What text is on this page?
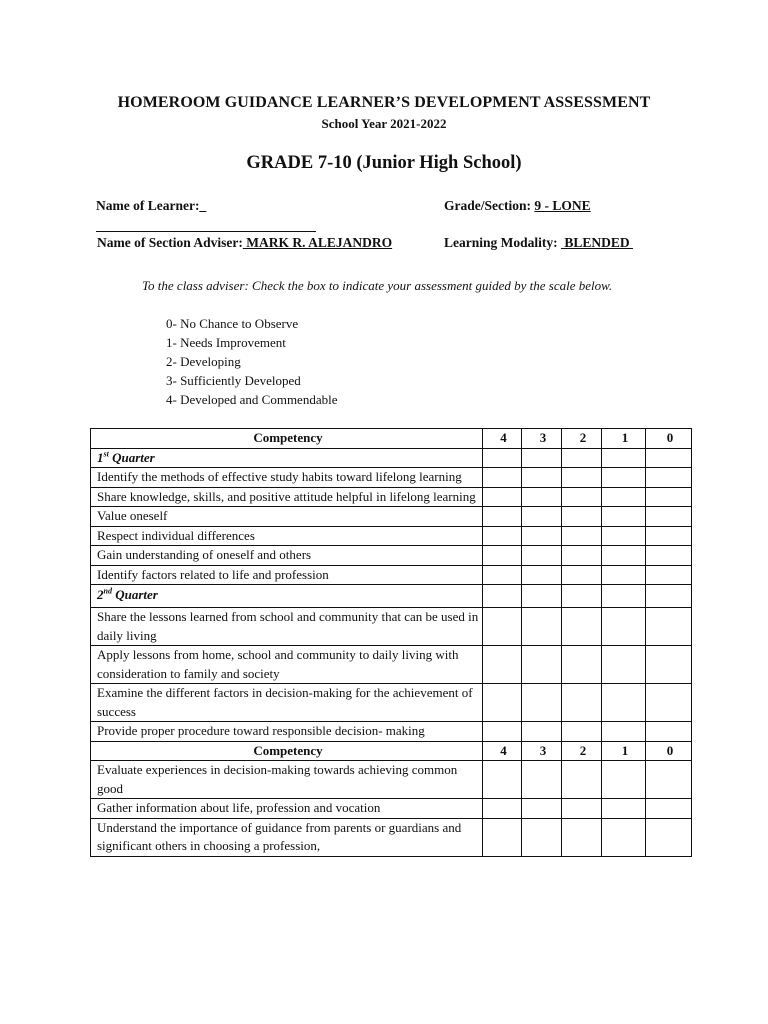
HOMEROOM GUIDANCE LEARNER’S DEVELOPMENT ASSESSMENT
School Year 2021-2022
GRADE 7-10 (Junior High School)
Name of Learner:_	Grade/Section: 9 - LONE
Name of Section Adviser: MARK R. ALEJANDRO	Learning Modality:  BLENDED
To the class adviser: Check the box to indicate your assessment guided by the scale below.
0- No Chance to Observe
1- Needs Improvement
2- Developing
3- Sufficiently Developed
4- Developed and Commendable
Competency	4	3	2	1	0
1st Quarter					
Identify the methods of effective study habits toward lifelong learning					
Share knowledge, skills, and positive attitude helpful in lifelong learning					
Value oneself					
Respect individual differences					
Gain understanding of oneself and others					
Identify factors related to life and profession					
2nd Quarter					
Share the lessons learned from school and community that can be used in daily living					
Apply lessons from home, school and community to daily living with consideration to family and society					
Examine the different factors in decision-making for the achievement of success					
Provide proper procedure toward responsible decision- making					
Competency	4	3	2	1	0
Evaluate experiences in decision-making towards achieving common good					
Gather information about life, profession and vocation					
Understand the importance of guidance from parents or guardians and significant others in choosing a profession,					
